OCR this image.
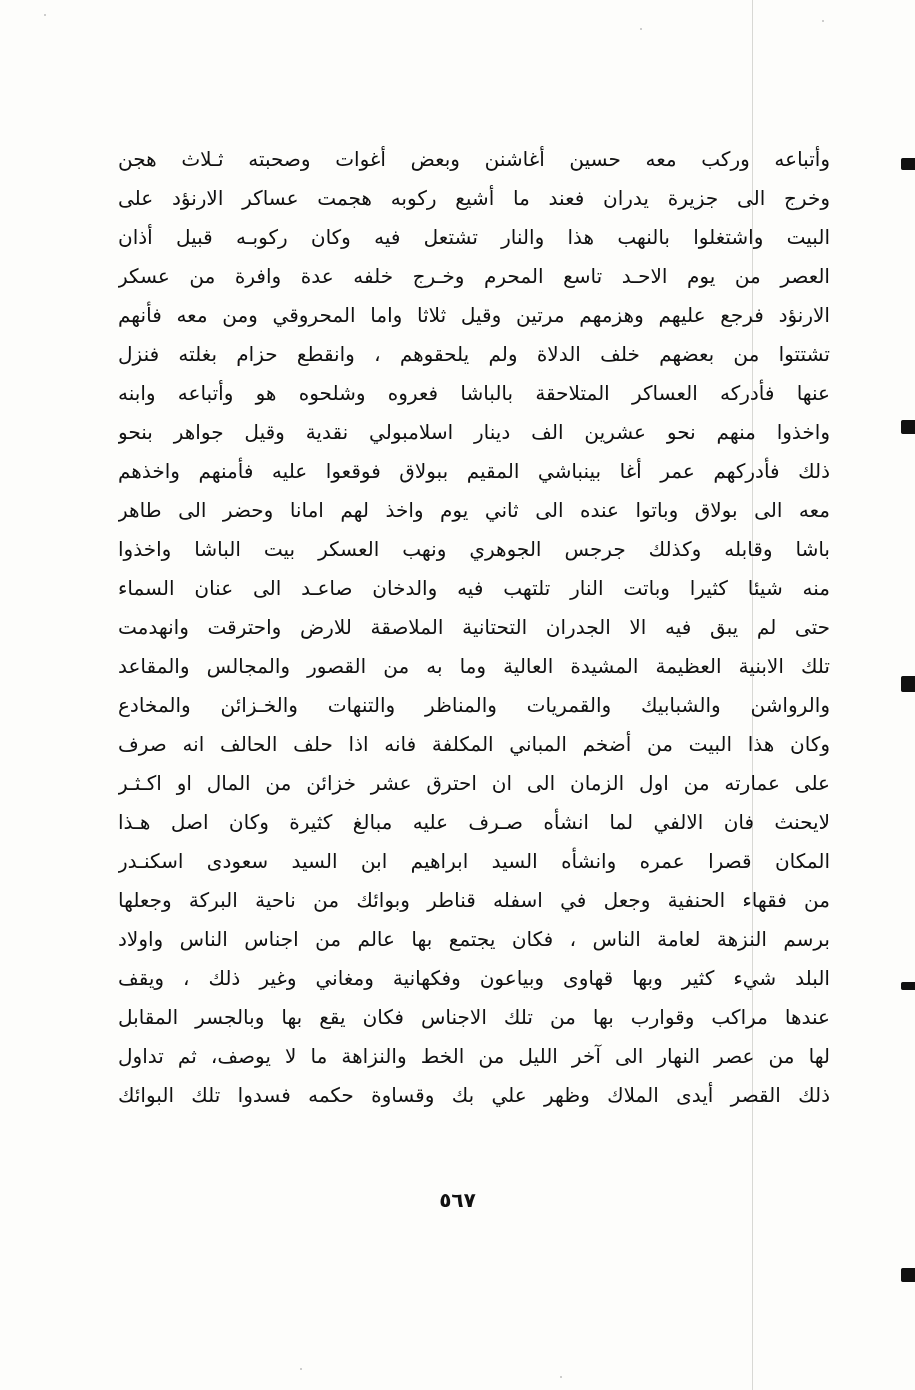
وأتباعه وركب معه حسين أغاشنن وبعض أغوات وصحبته ثـلاث هجن
وخرج الى جزيرة يدران فعند ما أشيع ركوبه هجمت عساكر الارنؤد على
البيت واشتغلوا بالنهب هذا والنار تشتعل فيه وكان ركوبـه قبيل أذان
العصر من يوم الاحـد تاسع المحرم وخـرج خلفه عدة وافرة من عسكر
الارنؤد فرجع عليهم وهزمهم مرتين وقيل ثلاثا واما المحروقي ومن معه فأنهم
تشتتوا من بعضهم خلف الدلاة ولم يلحقوهم ، وانقطع حزام بغلته فنزل
عنها فأدركه العساكر المتلاحقة بالباشا فعروه وشلحوه هو وأتباعه وابنه
واخذوا منهم نحو عشرين الف دينار اسلامبولي نقدية وقيل جواهر بنحو
ذلك فأدركهم عمر أغا بينباشي المقيم ببولاق فوقعوا عليه فأمنهم واخذهم
معه الى بولاق وباتوا عنده الى ثاني يوم واخذ لهم امانا وحضر الى طاهر
باشا وقابله وكذلك جرجس الجوهري ونهب العسكر بيت الباشا واخذوا
منه شيئا كثيرا وباتت النار تلتهب فيه والدخان صاعـد الى عنان السماء
حتى لم يبق فيه الا الجدران التحتانية الملاصقة للارض واحترقت وانهدمت
تلك الابنية العظيمة المشيدة العالية وما به من القصور والمجالس والمقاعد
والرواشن والشبابيك والقمريات والمناظر والتنهات والخـزائن والمخادع
وكان هذا البيت من أضخم المباني المكلفة فانه اذا حلف الحالف انه صرف
على عمارته من اول الزمان الى ان احترق عشر خزائن من المال او اكـثـر
لايحنث فان الالفي لما انشأه صـرف عليه مبالغ كثيرة وكان اصل هـذا
المكان قصرا عمره وانشأه السيد ابراهيم ابن السيد سعودى اسكنـدر
من فقهاء الحنفية وجعل في اسفله قناطر وبوائك من ناحية البركة وجعلها
برسم النزهة لعامة الناس ، فكان يجتمع بها عالم من اجناس الناس واولاد
البلد شيء كثير وبها قهاوى وبياعون وفكهانية ومغاني وغير ذلك ، ويقف
عندها مراكب وقوارب بها من تلك الاجناس فكان يقع بها وبالجسر المقابل
لها من عصر النهار الى آخر الليل من الخط والنزاهة ما لا يوصف، ثم تداول
ذلك القصر أيدى الملاك وظهر علي بك وقساوة حكمه فسدوا تلك البوائك
٥٦٧
